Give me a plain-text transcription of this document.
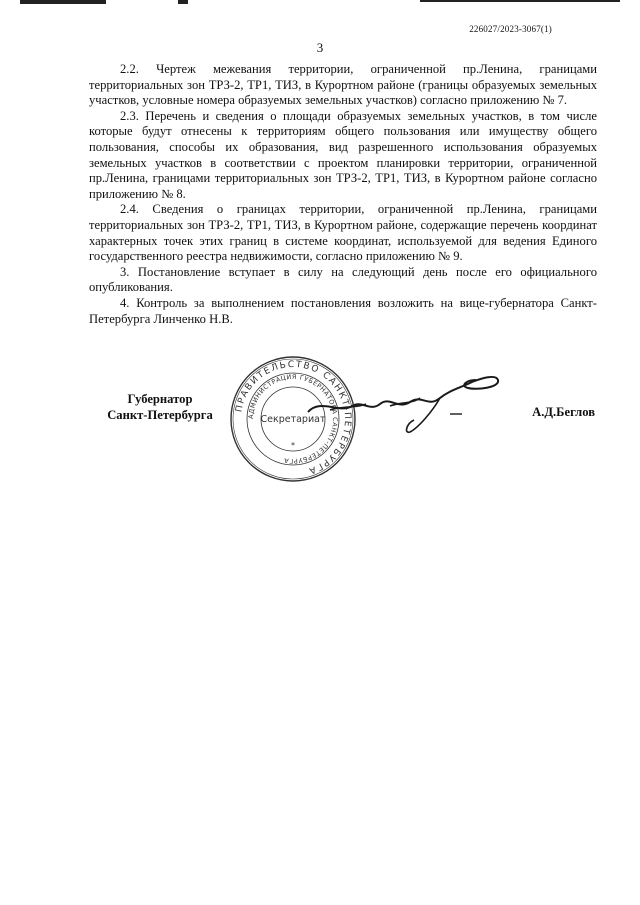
226027/2023-3067(1)
3

2.2. Чертеж межевания территории, ограниченной пр.Ленина, границами территориальных зон ТРЗ-2, ТР1, ТИЗ, в Курортном районе (границы образуемых земельных участков, условные номера образуемых земельных участков) согласно приложению № 7.

2.3. Перечень и сведения о площади образуемых земельных участков, в том числе которые будут отнесены к территориям общего пользования или имуществу общего пользования, способы их образования, вид разрешенного использования образуемых земельных участков в соответствии с проектом планировки территории, ограниченной пр.Ленина, границами территориальных зон ТРЗ-2, ТР1, ТИЗ, в Курортном районе согласно приложению № 8.

2.4. Сведения о границах территории, ограниченной пр.Ленина, границами территориальных зон ТРЗ-2, ТР1, ТИЗ, в Курортном районе, содержащие перечень координат характерных точек этих границ в системе координат, используемой для ведения Единого государственного реестра недвижимости, согласно приложению № 9.

3. Постановление вступает в силу на следующий день после его официального опубликования.

4. Контроль за выполнением постановления возложить на вице-губернатора Санкт-Петербурга Линченко Н.В.

Губернатор
Санкт-Петербурга
ПРАВИТЕЛЬСТВО САНКТ-ПЕТЕРБУРГА
АДМИНИСТРАЦИЯ ГУБЕРНАТОРА САНКТ-ПЕТЕРБУРГА
Секретариат
*
А.Д.Беглов
